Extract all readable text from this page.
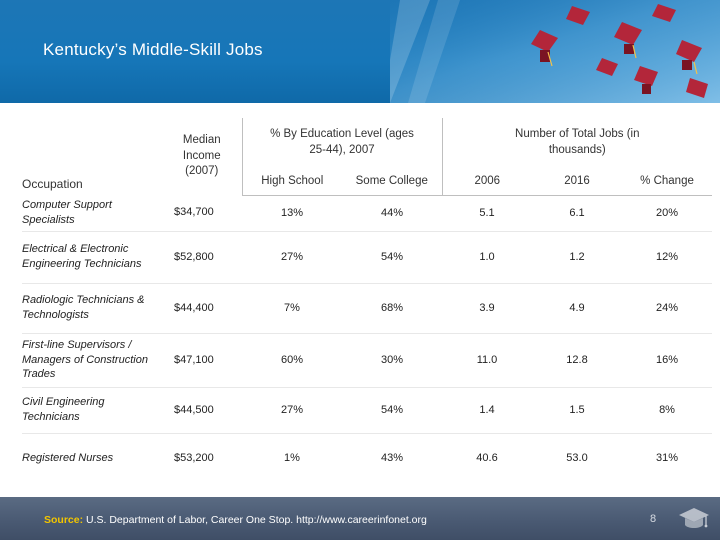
Kentucky’s Middle-Skill Jobs
Occupation	Median Income (2007)	% By Education Level (ages 25-44), 2007		Number of Total Jobs (in thousands)		

		High School	Some College	2006	2016	% Change
Computer Support Specialists	$34,700	13%	44%	5.1	6.1	20%
Electrical & Electronic Engineering Technicians	$52,800	27%	54%	1.0	1.2	12%
Radiologic Technicians & Technologists	$44,400	7%	68%	3.9	4.9	24%
First-line Supervisors / Managers of Construction Trades	$47,100	60%	30%	11.0	12.8	16%
Civil Engineering Technicians	$44,500	27%	54%	1.4	1.5	8%
Registered Nurses	$53,200	1%	43%	40.6	53.0	31%
Source: U.S. Department of Labor, Career One Stop. http://www.careerinfonet.org	8
